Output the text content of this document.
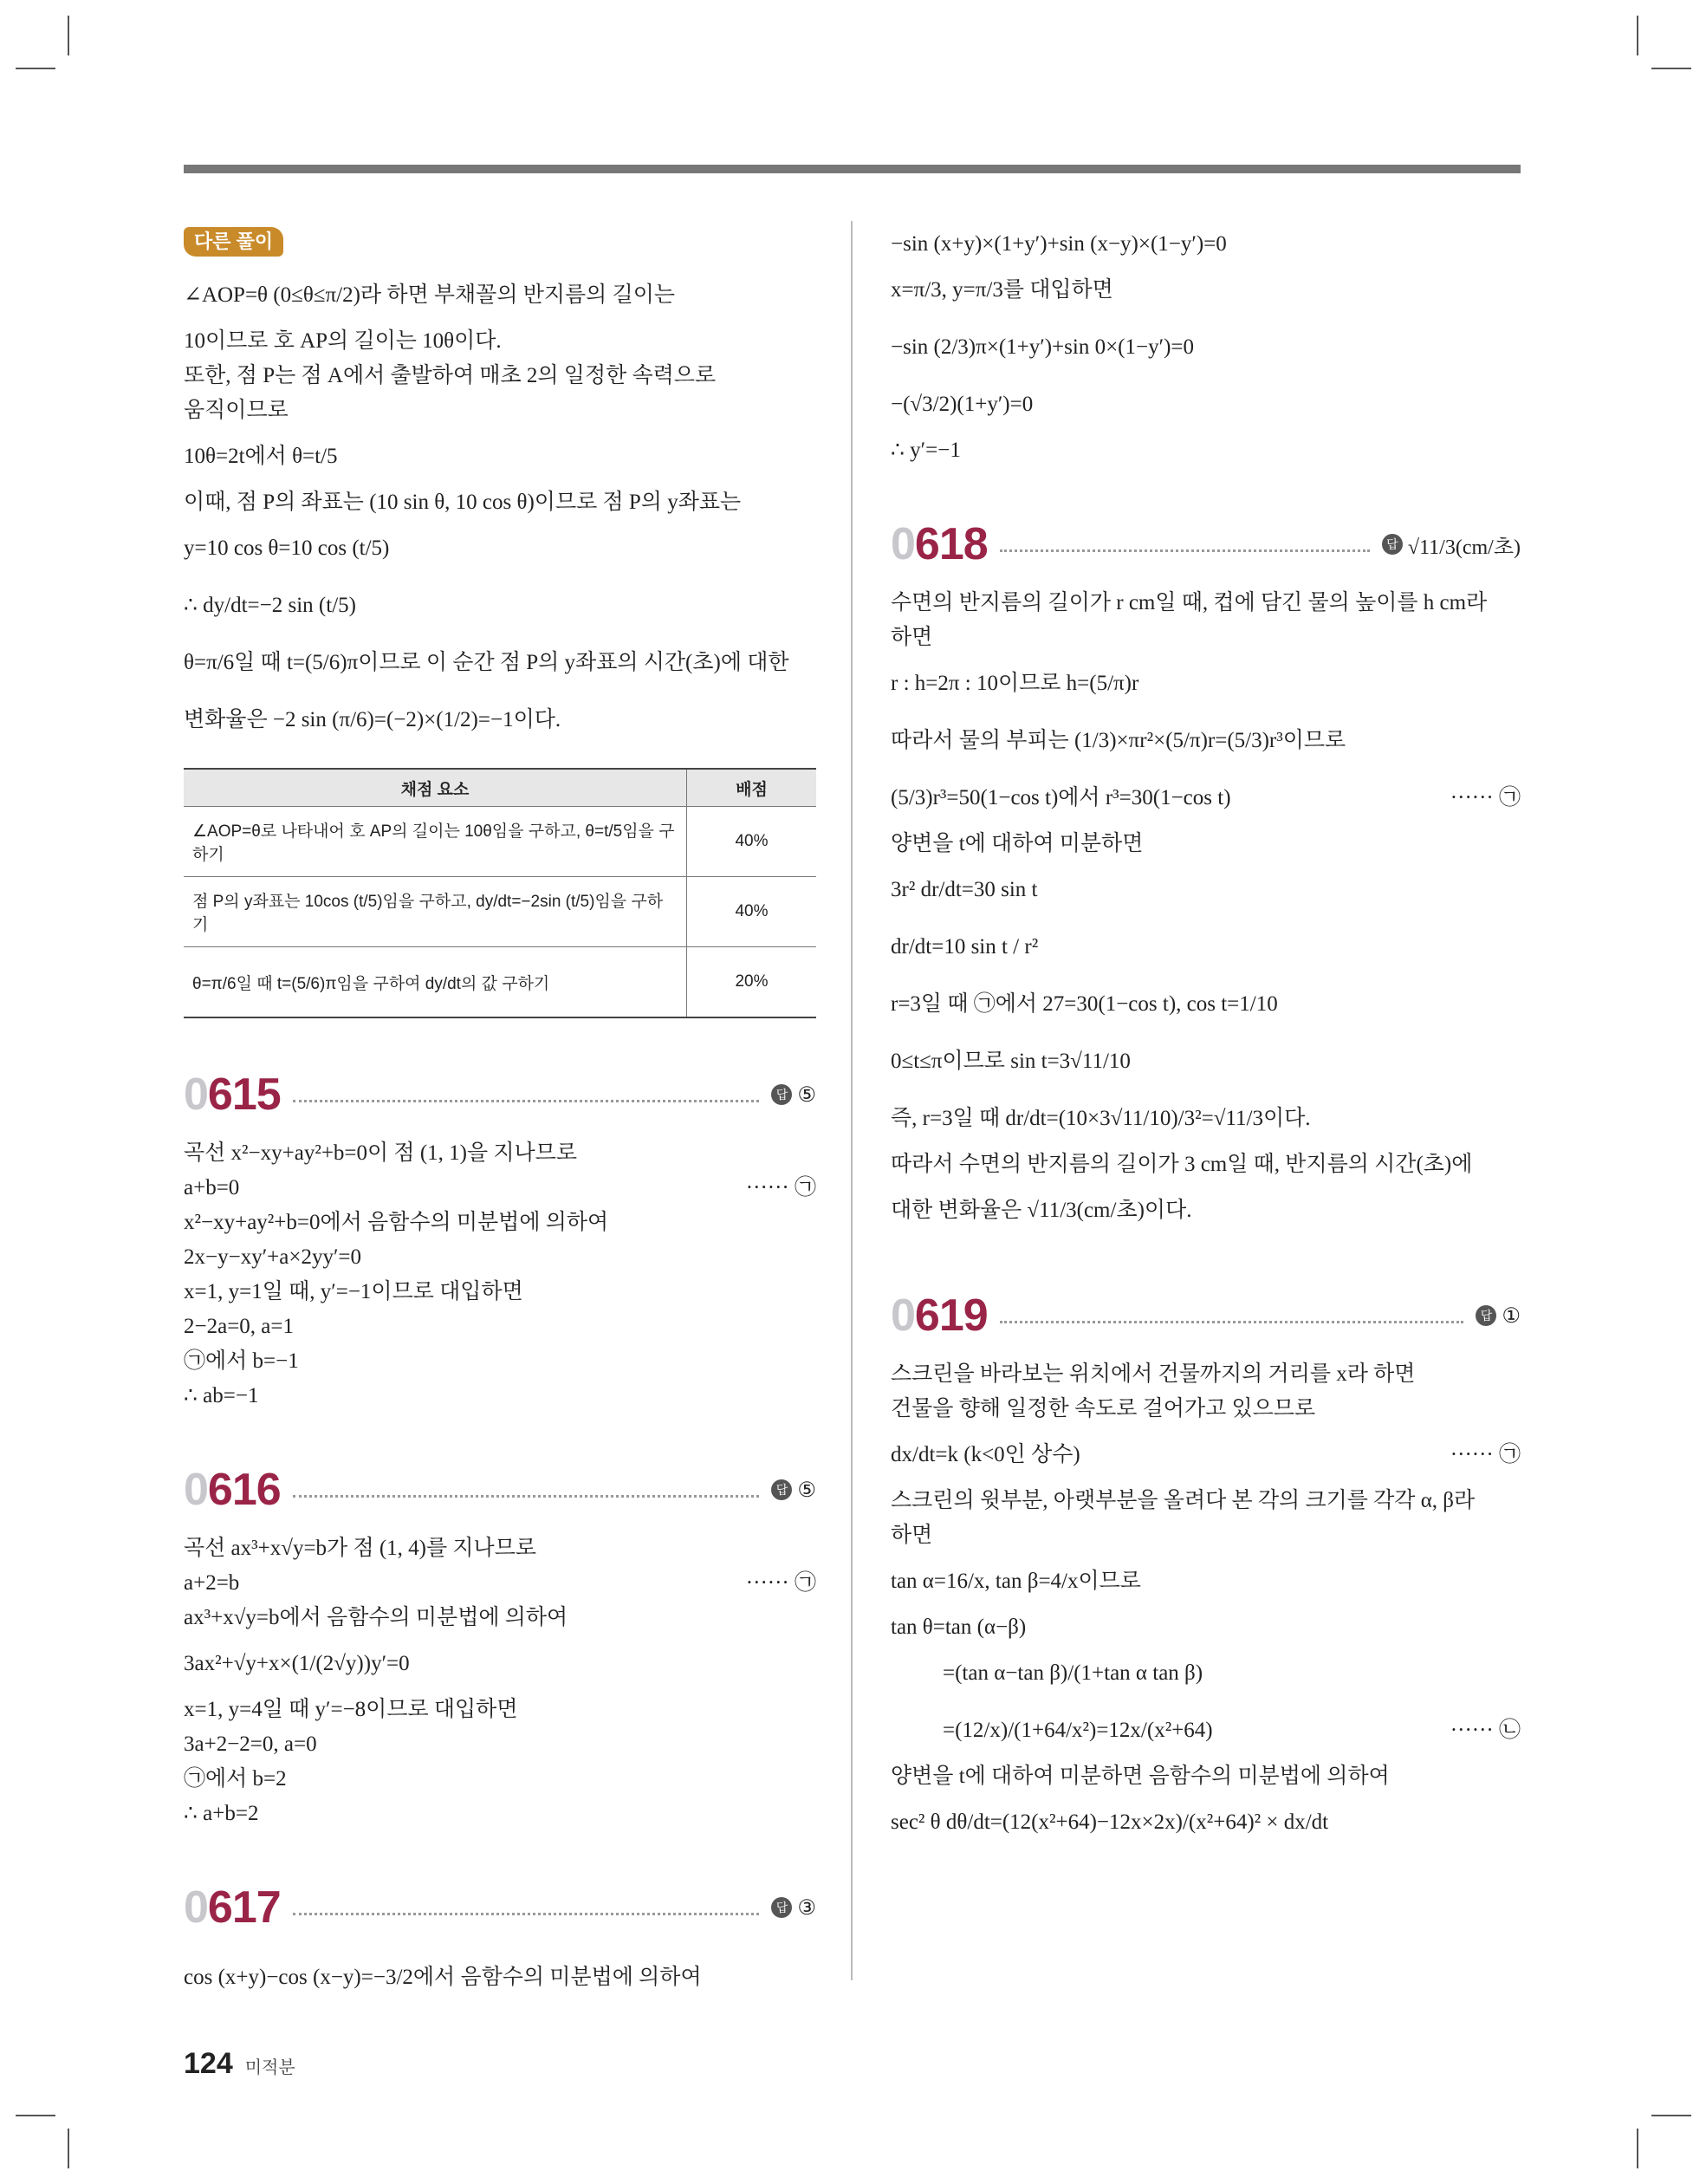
다른 풀이
∠AOP=θ (0≤θ≤π/2)라 하면 부채꼴의 반지름의 길이는
10이므로 호 AP의 길이는 10θ이다.
또한, 점 P는 점 A에서 출발하여 매초 2의 일정한 속력으로
움직이므로
10θ=2t에서 θ=t/5
이때, 점 P의 좌표는 (10 sin θ, 10 cos θ)이므로 점 P의 y좌표는
y=10 cos θ=10 cos (t/5)
∴ dy/dt=−2 sin (t/5)
θ=π/6일 때 t=(5/6)π이므로 이 순간 점 P의 y좌표의 시간(초)에 대한
변화율은 −2 sin (π/6)=(−2)×(1/2)=−1이다.
채점 요소	배점
∠AOP=θ로 나타내어 호 AP의 길이는 10θ임을 구하고, θ=t/5임을 구하기	40%
점 P의 y좌표는 10cos (t/5)임을 구하고, dy/dt=−2sin (t/5)임을 구하기	40%
θ=π/6일 때 t=(5/6)π임을 구하여 dy/dt의 값 구하기	20%
0615	답 ⑤
곡선 x²−xy+ay²+b=0이 점 (1, 1)을 지나므로
a+b=0	······ ㉠
x²−xy+ay²+b=0에서 음함수의 미분법에 의하여
2x−y−xy′+a×2yy′=0
x=1, y=1일 때, y′=−1이므로 대입하면
2−2a=0, a=1
㉠에서 b=−1
∴ ab=−1
0616	답 ⑤
곡선 ax³+x√y=b가 점 (1, 4)를 지나므로
a+2=b	······ ㉠
ax³+x√y=b에서 음함수의 미분법에 의하여
3ax²+√y+x×(1/(2√y))y′=0
x=1, y=4일 때 y′=−8이므로 대입하면
3a+2−2=0, a=0
㉠에서 b=2
∴ a+b=2
0617	답 ③
cos (x+y)−cos (x−y)=−3/2에서 음함수의 미분법에 의하여
−sin (x+y)×(1+y′)+sin (x−y)×(1−y′)=0
x=π/3, y=π/3를 대입하면
−sin (2/3)π×(1+y′)+sin 0×(1−y′)=0
−(√3/2)(1+y′)=0
∴ y′=−1
0618	답 √11/3(cm/초)
수면의 반지름의 길이가 r cm일 때, 컵에 담긴 물의 높이를 h cm라
하면
r : h=2π : 10이므로 h=(5/π)r
따라서 물의 부피는 (1/3)×πr²×(5/π)r=(5/3)r³이므로
(5/3)r³=50(1−cos t)에서 r³=30(1−cos t)	······ ㉠
양변을 t에 대하여 미분하면
3r² dr/dt=30 sin t
dr/dt=10 sin t / r²
r=3일 때 ㉠에서 27=30(1−cos t), cos t=1/10
0≤t≤π이므로 sin t=3√11/10
즉, r=3일 때 dr/dt=(10×3√11/10)/3²=√11/3이다.
따라서 수면의 반지름의 길이가 3 cm일 때, 반지름의 시간(초)에
대한 변화율은 √11/3(cm/초)이다.
0619	답 ①
스크린을 바라보는 위치에서 건물까지의 거리를 x라 하면
건물을 향해 일정한 속도로 걸어가고 있으므로
dx/dt=k (k<0인 상수)	······ ㉠
스크린의 윗부분, 아랫부분을 올려다 본 각의 크기를 각각 α, β라
하면
tan α=16/x, tan β=4/x이므로
tan θ=tan (α−β)
=(tan α−tan β)/(1+tan α tan β)
=(12/x)/(1+64/x²)=12x/(x²+64)	······ ㉡
양변을 t에 대하여 미분하면 음함수의 미분법에 의하여
sec² θ dθ/dt=(12(x²+64)−12x×2x)/(x²+64)² × dx/dt
124 미적분
